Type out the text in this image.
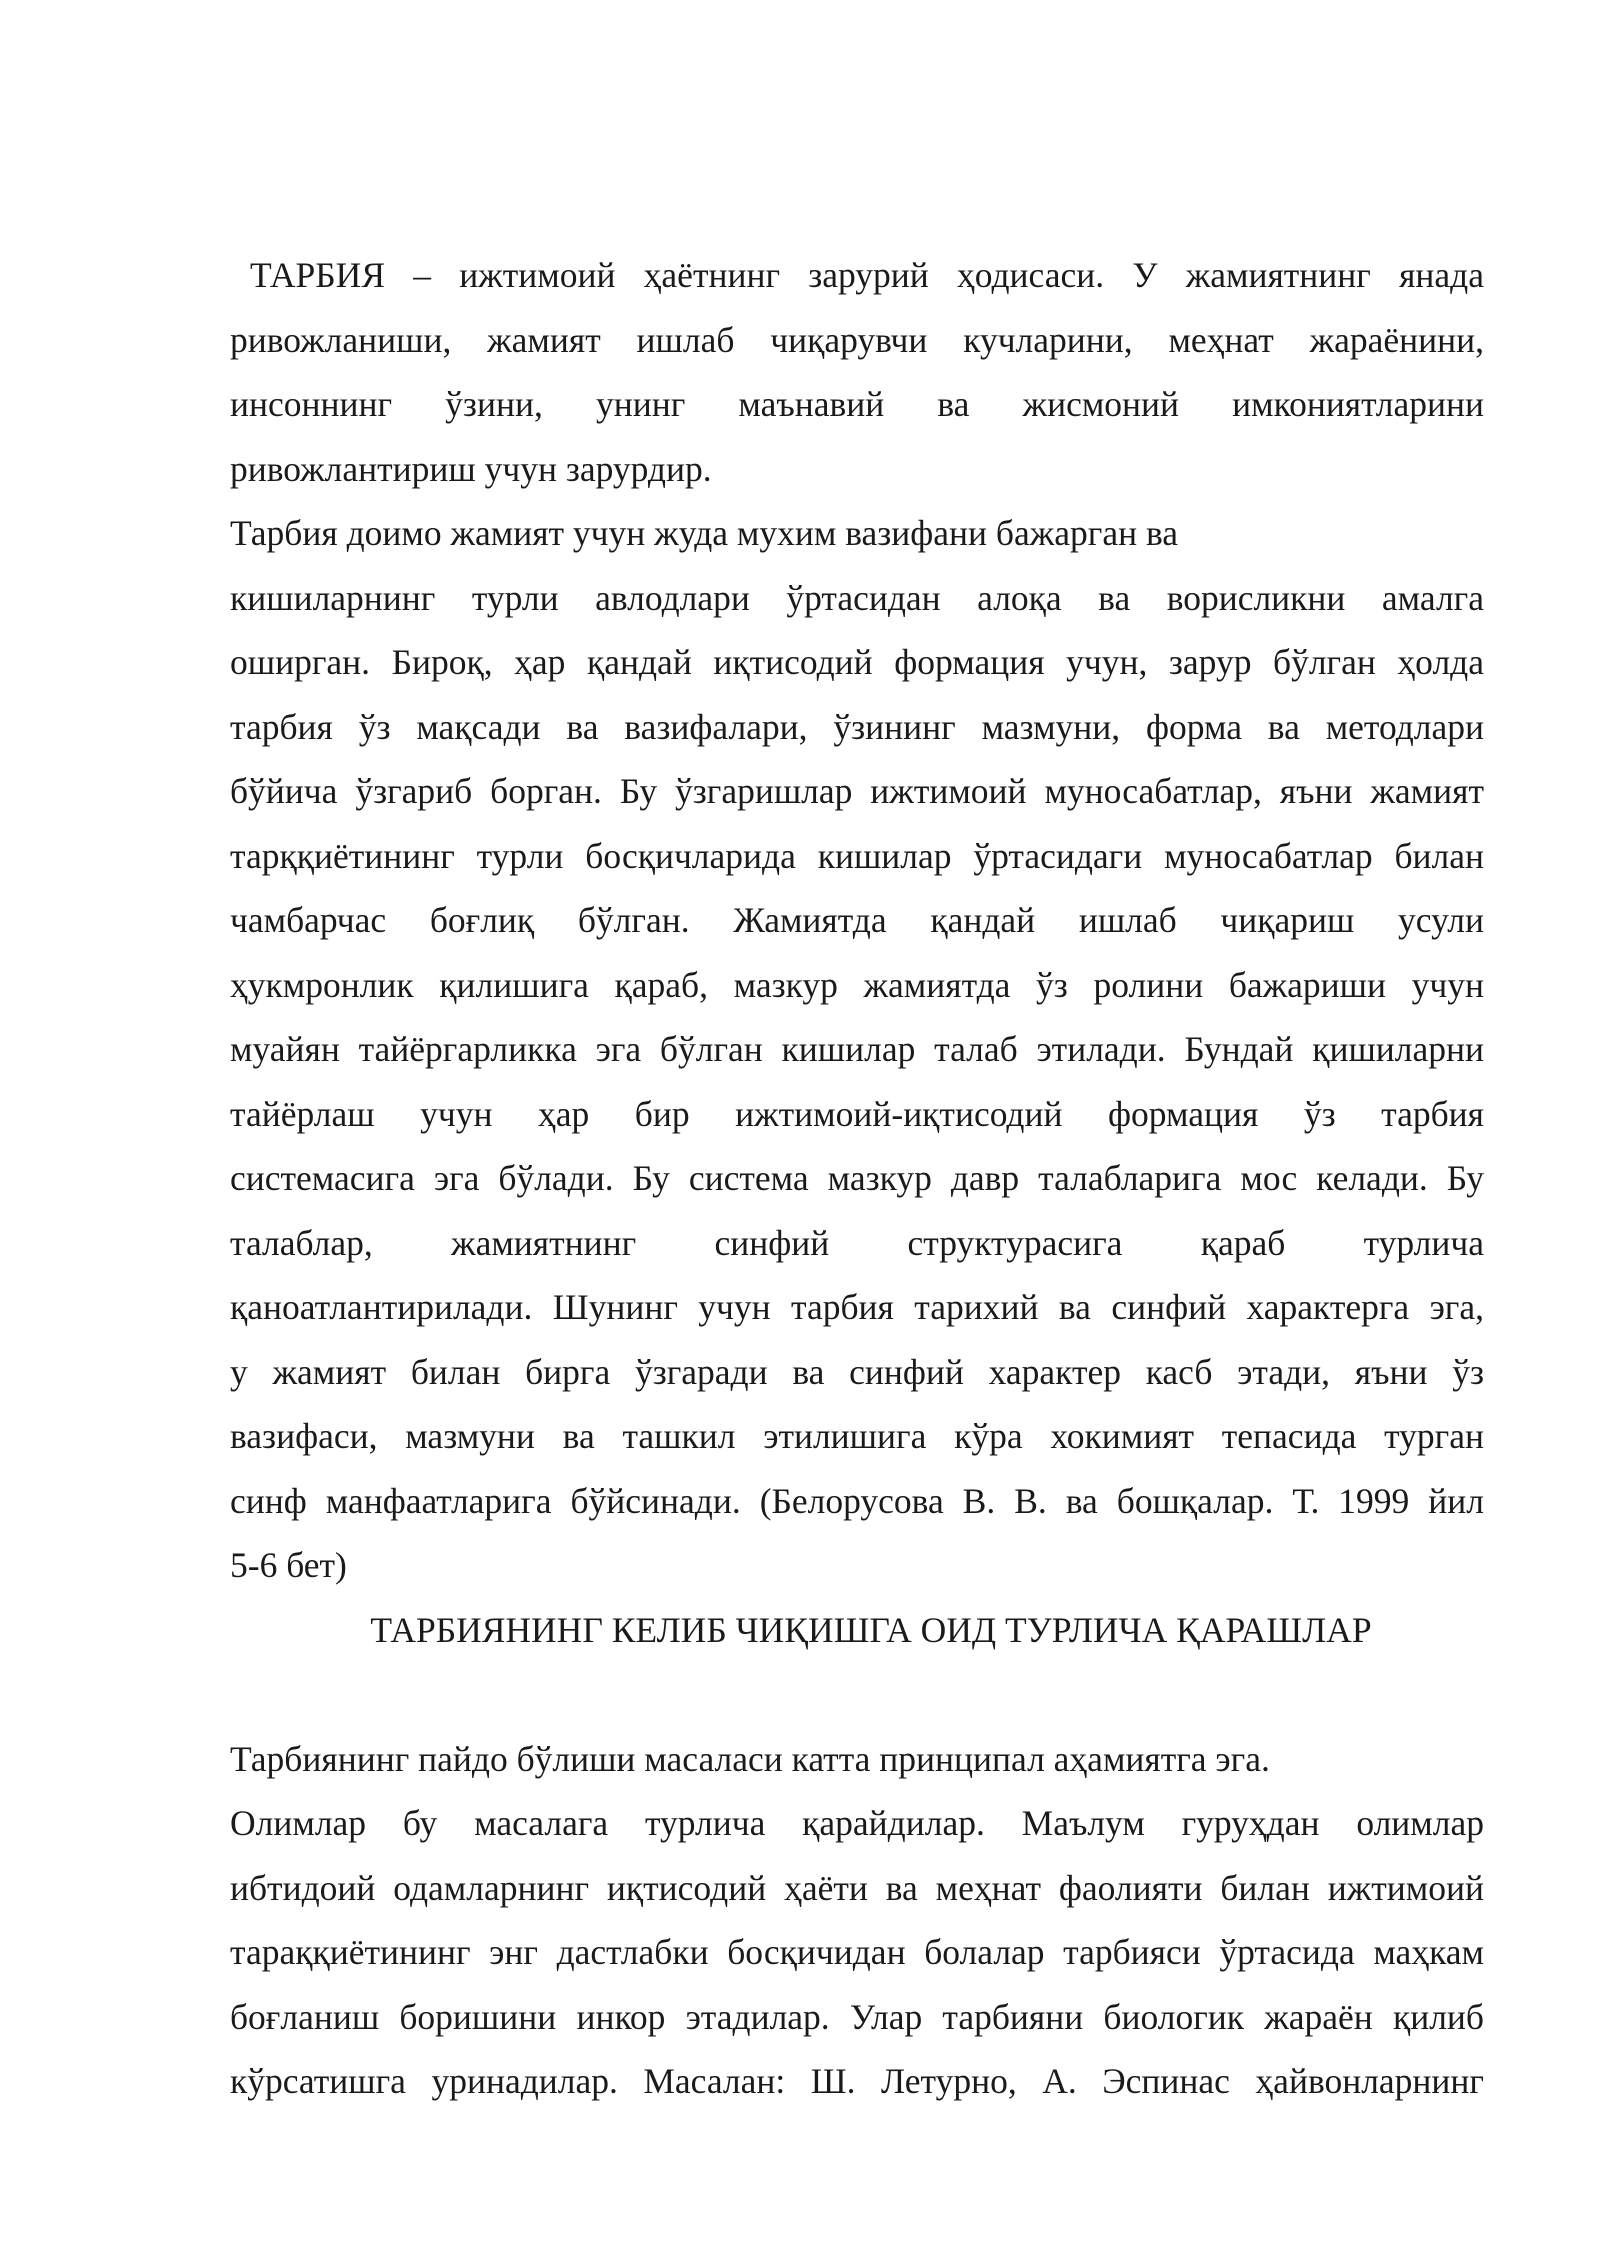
ТАРБИЯ – ижтимоий ҳаётнинг зарурий ҳодисаси. У жамиятнинг янада
ривожланиши, жамият ишлаб чиқарувчи кучларини, меҳнат жараёнини,
инсоннинг ўзини, унинг маънавий ва жисмоний имкониятларини
ривожлантириш учун зарурдир.
Тарбия доимо жамият учун жуда мухим вазифани бажарган ва
кишиларнинг турли авлодлари ўртасидан алоқа ва ворисликни амалга
оширган. Бироқ, ҳар қандай иқтисодий формация учун, зарур бўлган ҳолда
тарбия ўз мақсади ва вазифалари, ўзининг мазмуни, форма ва методлари
бўйича ўзгариб борган. Бу ўзгаришлар ижтимоий муносабатлар, яъни жамият
тарққиётининг турли босқичларида кишилар ўртасидаги муносабатлар билан
чамбарчас боғлиқ бўлган. Жамиятда қандай ишлаб чиқариш усули
ҳукмронлик қилишига қараб, мазкур жамиятда ўз ролини бажариши учун
муайян тайёргарликка эга бўлган кишилар талаб этилади. Бундай қишиларни
тайёрлаш учун ҳар бир ижтимоий-иқтисодий формация ўз тарбия
системасига эга бўлади. Бу система мазкур давр талабларига мос келади. Бу
талаблар, жамиятнинг синфий структурасига қараб турлича
қаноатлантирилади. Шунинг учун тарбия тарихий ва синфий характерга эга,
у жамият билан бирга ўзгаради ва синфий характер касб этади, яъни ўз
вазифаси, мазмуни ва ташкил этилишига кўра хокимият тепасида турган
синф манфаатларига бўйсинади. (Белорусова В. В. ва бошқалар. Т. 1999 йил
5-6 бет)
ТАРБИЯНИНГ КЕЛИБ ЧИҚИШГА ОИД ТУРЛИЧА ҚАРАШЛАР
Тарбиянинг пайдо бўлиши масаласи катта принципал аҳамиятга эга.
Олимлар бу масалага турлича қарайдилар. Маълум гуруҳдан олимлар
ибтидоий одамларнинг иқтисодий ҳаёти ва меҳнат фаолияти билан ижтимоий
тараққиётининг энг дастлабки босқичидан болалар тарбияси ўртасида маҳкам
боғланиш боришини инкор этадилар. Улар тарбияни биологик жараён қилиб
кўрсатишга уринадилар. Масалан: Ш. Летурно, А. Эспинас ҳайвонларнинг
